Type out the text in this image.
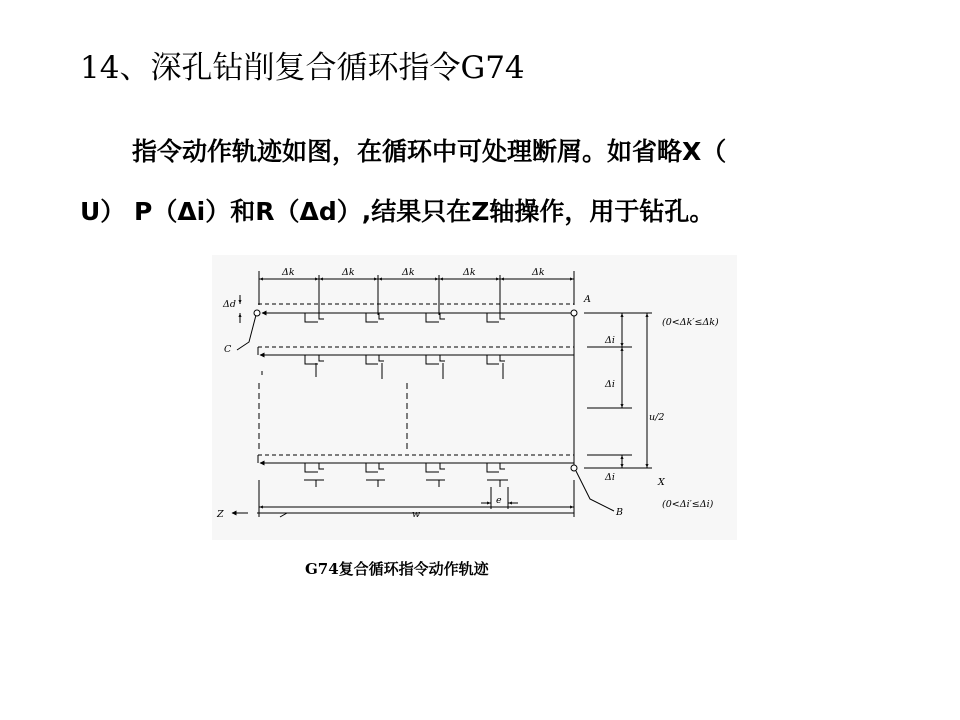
14、深孔钻削复合循环指令G74
指令动作轨迹如图，在循环中可处理断屑。如省略X（
U） P（Δi）和R（Δd）,结果只在Z轴操作，用于钻孔。
Δk	Δk	Δk	Δk	Δk
Δd	A
C
B
X
Z
e
w
u/2
Δi
Δi
Δi
(0<Δk′≤Δk)
(0<Δi′≤Δi)
G74复合循环指令动作轨迹
